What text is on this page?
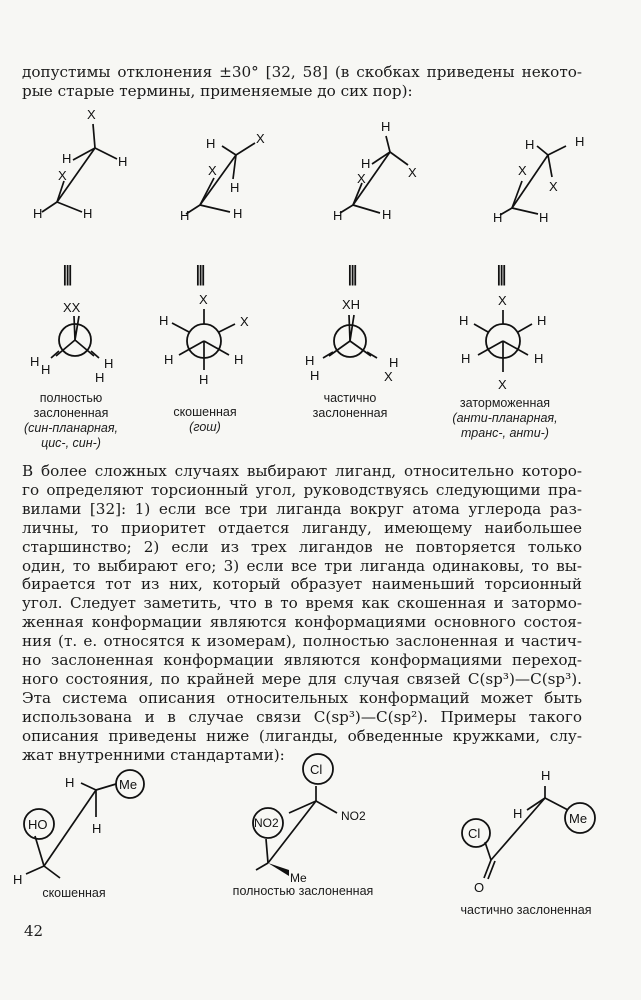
допустимы отклонения ±30° [32, 58] (в скобках приведены некото-
рые старые термины, применяемые до сих пор):
X
H
H
X
H	H
H	X
X
H
H	H
H
H
X
X
H	H
H	H
X
X
H	H
|||	|||	|||	|||
XX
H
H	H
H
X
H	X
H	H
H
XH
H
H
H
X
X
H	H
H	H
X
H	Me
HO	H
H
Cl
NO2	NO2
Me
H
H	Me
Cl
O
полностью
заслоненная
(син-планарная,
цис-, син-)
скошенная
(гош)
частично
заслоненная
заторможенная
(анти-планарная,
транс-, анти-)
В более сложных случаях выбирают лиганд, относительно которо-
го определяют торсионный угол, руководствуясь следующими пра-
вилами [32]: 1) если все три лиганда вокруг атома углерода раз-
личны, то приоритет отдается лиганду, имеющему наибольшее
старшинство; 2) если из трех лигандов не повторяется только
один, то выбирают его; 3) если все три лиганда одинаковы, то вы-
бирается тот из них, который образует наименьший торсионный
угол. Следует заметить, что в то время как скошенная и затормо-
женная конформации являются конформациями основного состоя-
ния (т. е. относятся к изомерам), полностью заслоненная и частич-
но заслоненная конформации являются конформациями переход-
ного состояния, по крайней мере для случая связей C(sp³)—C(sp³).
Эта система описания относительных конформаций может быть
использована и в случае связи C(sp³)—C(sp²). Примеры такого
описания приведены ниже (лиганды, обведенные кружками, слу-
жат внутренними стандартами):
скошенная	полностью заслоненная
частично заслоненная
42
